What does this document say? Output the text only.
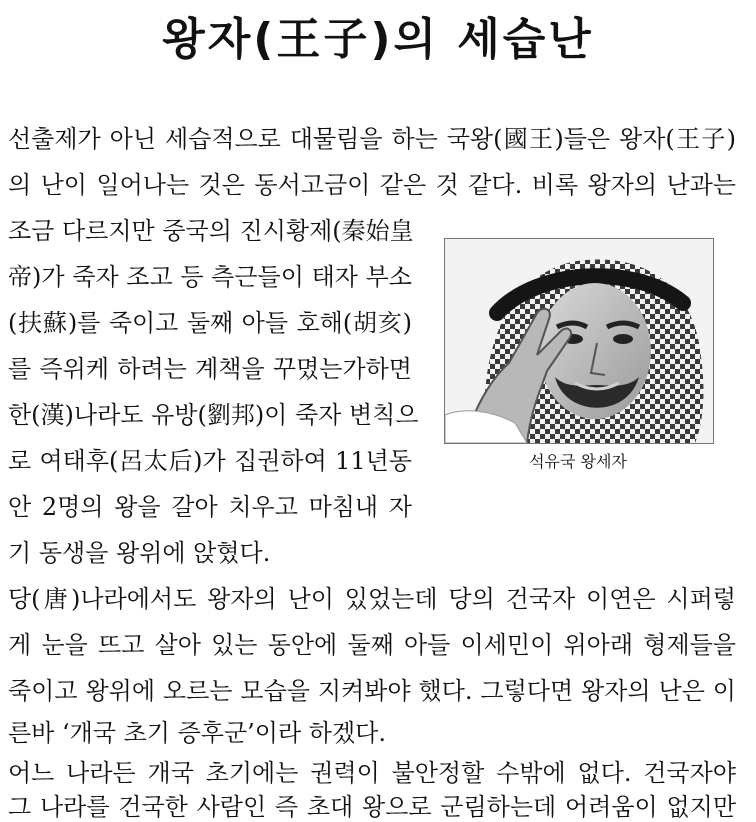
왕자(王子)의 세습난
선출제가 아닌 세습적으로 대물림을 하는 국왕(國王)들은 왕자(王子)
의 난이 일어나는 것은 동서고금이 같은 것 같다. 비록 왕자의 난과는
조금 다르지만 중국의 진시황제(秦始皇
帝)가 죽자 조고 등 측근들이 태자 부소
(扶蘇)를 죽이고 둘째 아들 호해(胡亥)
를 즉위케 하려는 계책을 꾸몄는가하면
한(漢)나라도 유방(劉邦)이 죽자 변칙으
로 여태후(呂太后)가 집권하여 11년동
안 2명의 왕을 갈아 치우고 마침내 자
기 동생을 왕위에 앉혔다.
석유국 왕세자
당(唐)나라에서도 왕자의 난이 있었는데 당의 건국자 이연은 시퍼렇
게 눈을 뜨고 살아 있는 동안에 둘째 아들 이세민이 위아래 형제들을
죽이고 왕위에 오르는 모습을 지켜봐야 했다. 그렇다면 왕자의 난은 이
른바 ‘개국 초기 증후군’이라 하겠다.
어느 나라든 개국 초기에는 권력이 불안정할 수밖에 없다. 건국자야
그 나라를 건국한 사람인 즉 초대 왕으로 군림하는데 어려움이 없지만
